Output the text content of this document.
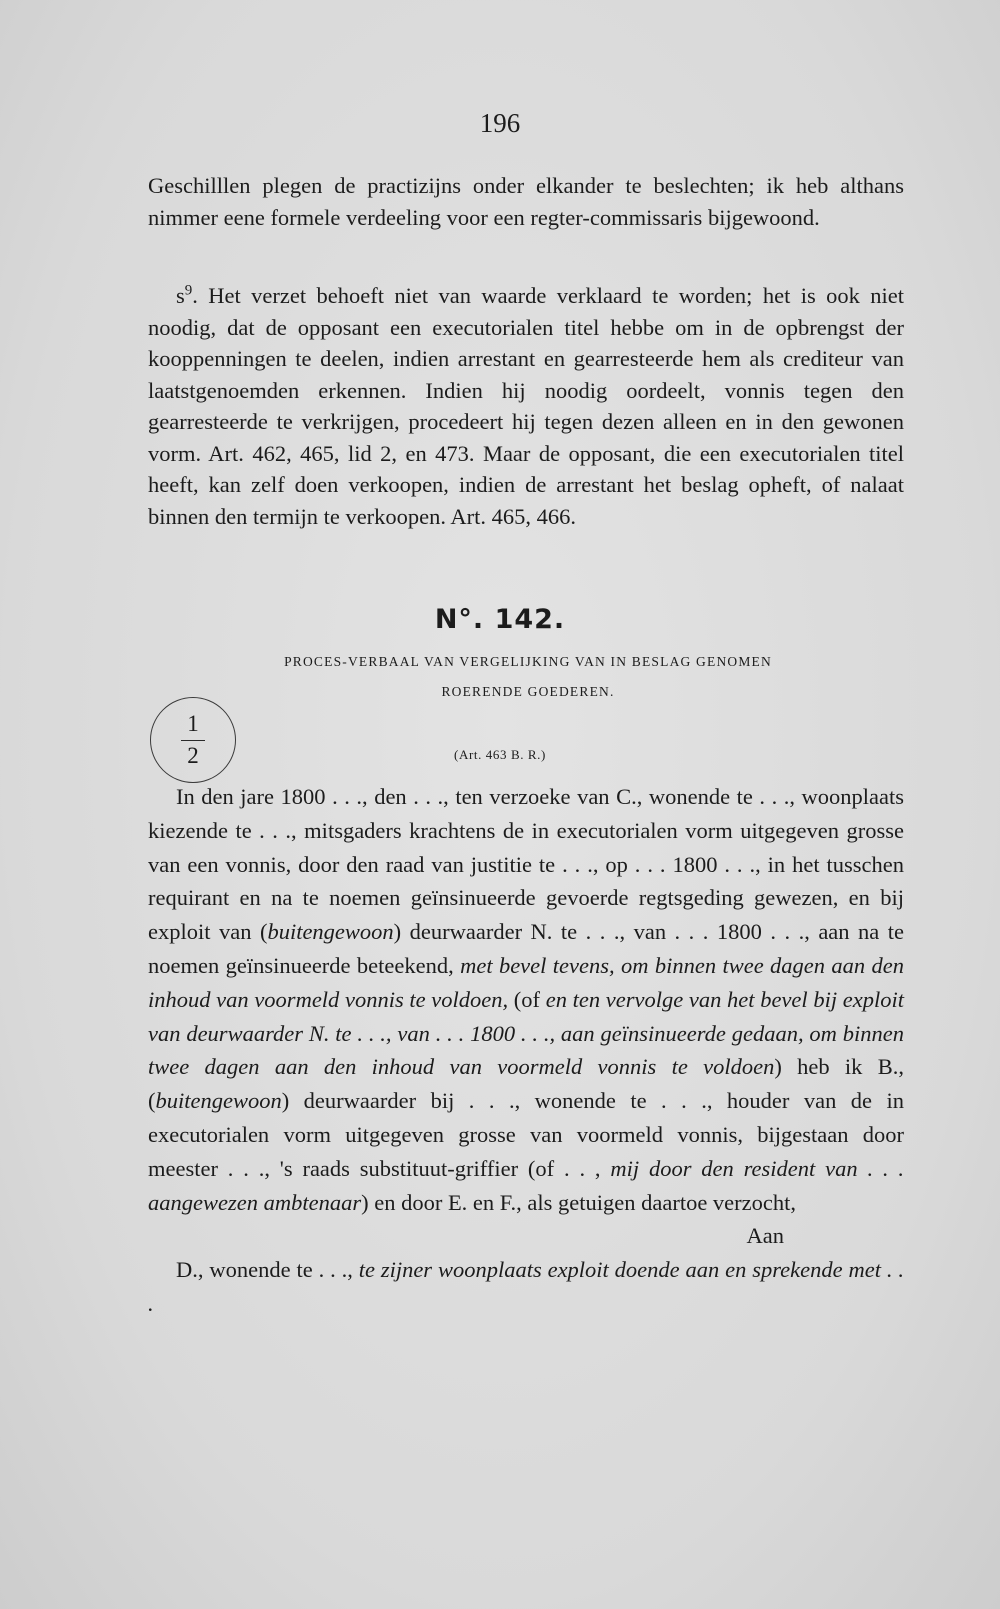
196

Geschilllen plegen de practizijns onder elkander te beslechten; ik heb althans nimmer eene formele verdeeling voor een regter-commissaris bijgewoond.

$s^9$. Het verzet behoeft niet van waarde verklaard te worden; het is ook niet noodig, dat de opposant een executorialen titel hebbe om in de opbrengst der kooppenningen te deelen, indien arrestant en gearresteerde hem als crediteur van laatstgenoemden erkennen. Indien hij noodig oordeelt, vonnis tegen den gearresteerde te verkrijgen, procedeert hij tegen dezen alleen en in den gewonen vorm. Art. 462, 465, lid 2, en 473. Maar de opposant, die een executorialen titel heeft, kan zelf doen verkoopen, indien de arrestant het beslag opheft, of nalaat binnen den termijn te verkoopen. Art. 465, 466.

N°. 142.
PROCES-VERBAAL VAN VERGELIJKING VAN IN BESLAG GENOMEN
ROERENDE GOEDEREN.
(Art. 463 B. R.)
1
2

In den jare 1800 . . ., den . . ., ten verzoeke van C., wonende te . . ., woonplaats kiezende te . . ., mitsgaders krachtens de in executorialen vorm uitgegeven grosse van een vonnis, door den raad van justitie te . . ., op . . . 1800 . . ., in het tusschen requirant en na te noemen geïnsinueerde gevoerde regtsgeding gewezen, en bij exploit van (buitengewoon) deurwaarder N. te . . ., van . . . 1800 . . ., aan na te noemen geïnsinueerde beteekend, met bevel tevens, om binnen twee dagen aan den inhoud van voormeld vonnis te voldoen, (of en ten vervolge van het bevel bij exploit van deurwaarder N. te . . ., van . . . 1800 . . ., aan geïnsinueerde gedaan, om binnen twee dagen aan den inhoud van voormeld vonnis te voldoen) heb ik B., (buitengewoon) deurwaarder bij . . ., wonende te . . ., houder van de in executorialen vorm uitgegeven grosse van voormeld vonnis, bijgestaan door meester . . ., 's raads substituut-griffier (of . . , mij door den resident van . . . aangewezen ambtenaar) en door E. en F., als getuigen daartoe verzocht,

Aan

D., wonende te . . ., te zijner woonplaats exploit doende aan en sprekende met . . .
